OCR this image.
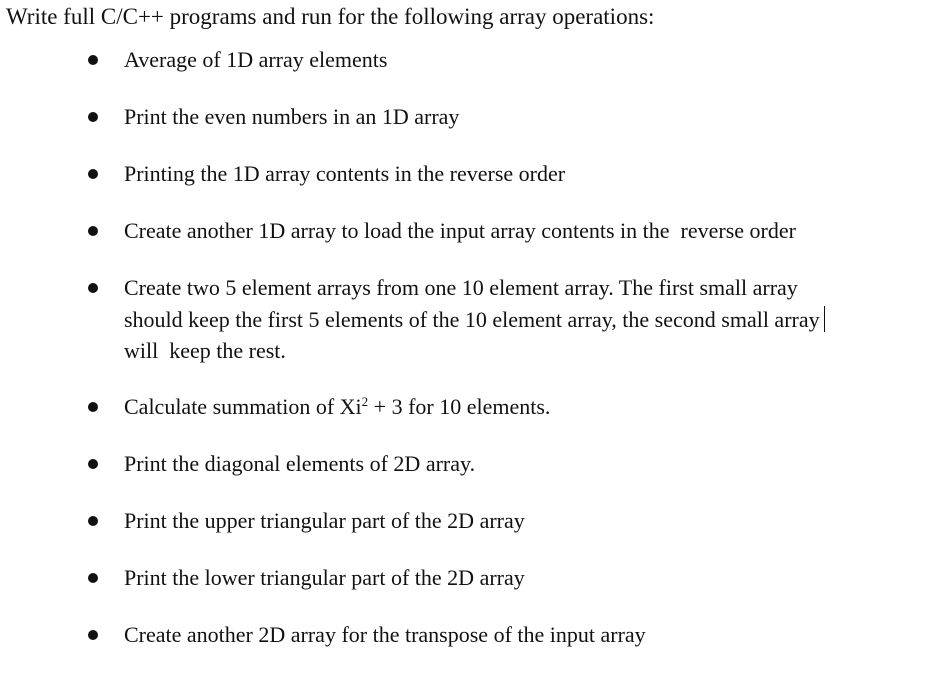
Write full C/C++ programs and run for the following array operations:
Average of 1D array elements
Print the even numbers in an 1D array
Printing the 1D array contents in the reverse order
Create another 1D array to load the input array contents in the  reverse order
Create two 5 element arrays from one 10 element array. The first small array
should keep the first 5 elements of the 10 element array, the second small array
will  keep the rest.
Calculate summation of $Xi^2 + 3$ for 10 elements.
Print the diagonal elements of 2D array.
Print the upper triangular part of the 2D array
Print the lower triangular part of the 2D array
Create another 2D array for the transpose of the input array
